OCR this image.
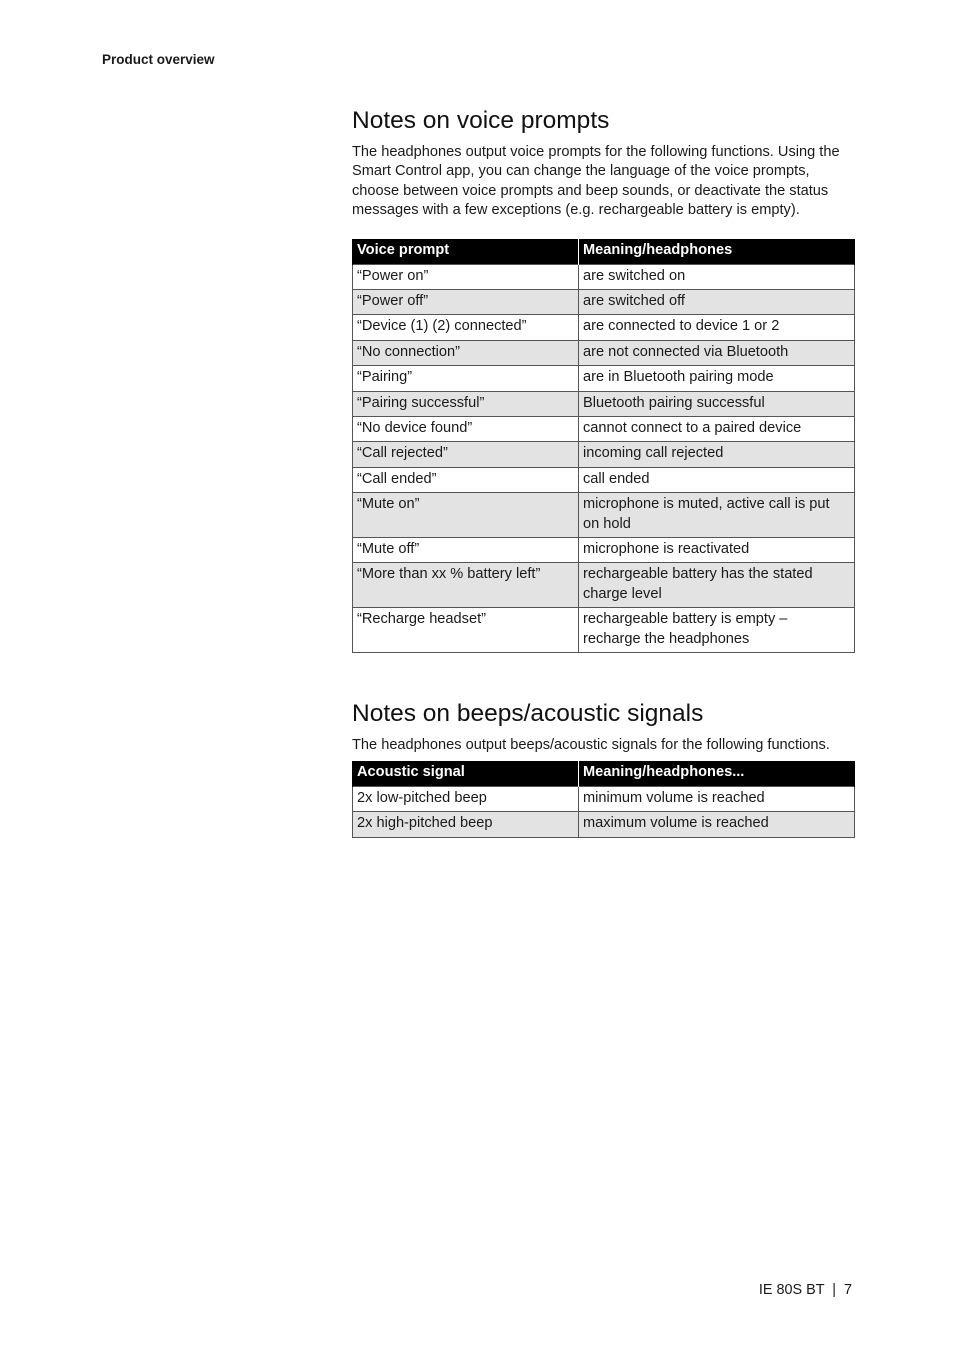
Product overview
Notes on voice prompts

The headphones output voice prompts for the following functions. Using the Smart Control app, you can change the language of the voice prompts, choose between voice prompts and beep sounds, or deactivate the status messages with a few exceptions (e.g. rechargeable battery is empty).

Voice prompt	Meaning/headphones
“Power on”	are switched on
“Power off”	are switched off
“Device (1) (2) connected”	are connected to device 1 or 2
“No connection”	are not connected via Bluetooth
“Pairing”	are in Bluetooth pairing mode
“Pairing successful”	Bluetooth pairing successful
“No device found”	cannot connect to a paired device
“Call rejected”	incoming call rejected
“Call ended”	call ended
“Mute on”	microphone is muted, active call is put on hold
“Mute off”	microphone is reactivated
“More than xx % battery left”	rechargeable battery has the stated charge level
“Recharge headset”	rechargeable battery is empty – recharge the headphones
Notes on beeps/acoustic signals

The headphones output beeps/acoustic signals for the following functions.

Acoustic signal	Meaning/headphones...
2x low-pitched beep	minimum volume is reached
2x high-pitched beep	maximum volume is reached
IE 80S BT | 7
